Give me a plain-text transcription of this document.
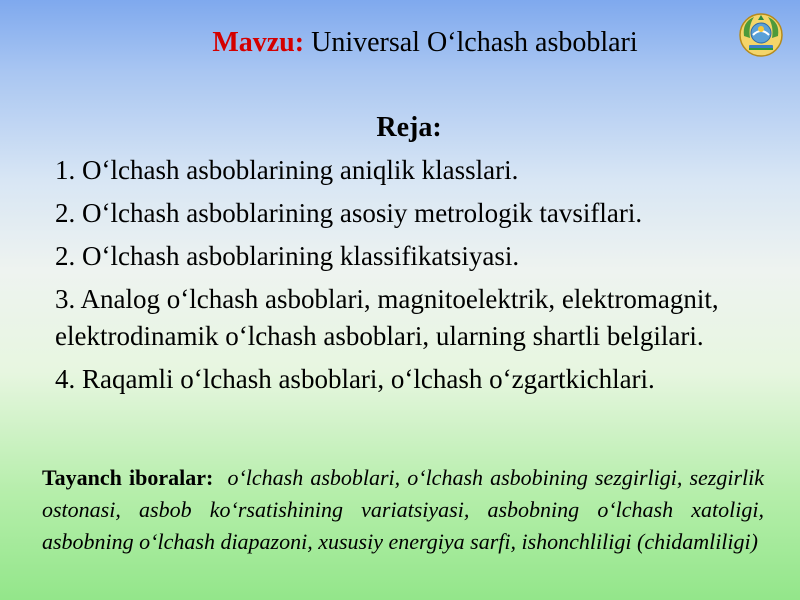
Mavzu: Universal O‘lchash asboblari
Reja:
1. O‘lchash asboblarining aniqlik klasslari.
2. O‘lchash asboblarining asosiy metrologik tavsiflari.
2. O‘lchash asboblarining klassifikatsiyasi.
3. Analog o‘lchash asboblari, magnitoelektrik, elektromagnit, elektrodinamik o‘lchash asboblari, ularning shartli belgilari.
4. Raqamli o‘lchash asboblari, o‘lchash o‘zgartkichlari.
Tayanch iboralar: o‘lchash asboblari, o‘lchash asbobining sezgirligi, sezgirlik ostonasi, asbob ko‘rsatishining variatsiyasi, asbobning o‘lchash xatoligi, asbobning o‘lchash diapazoni, xususiy energiya sarfi, ishonchliligi (chidamliligi)
